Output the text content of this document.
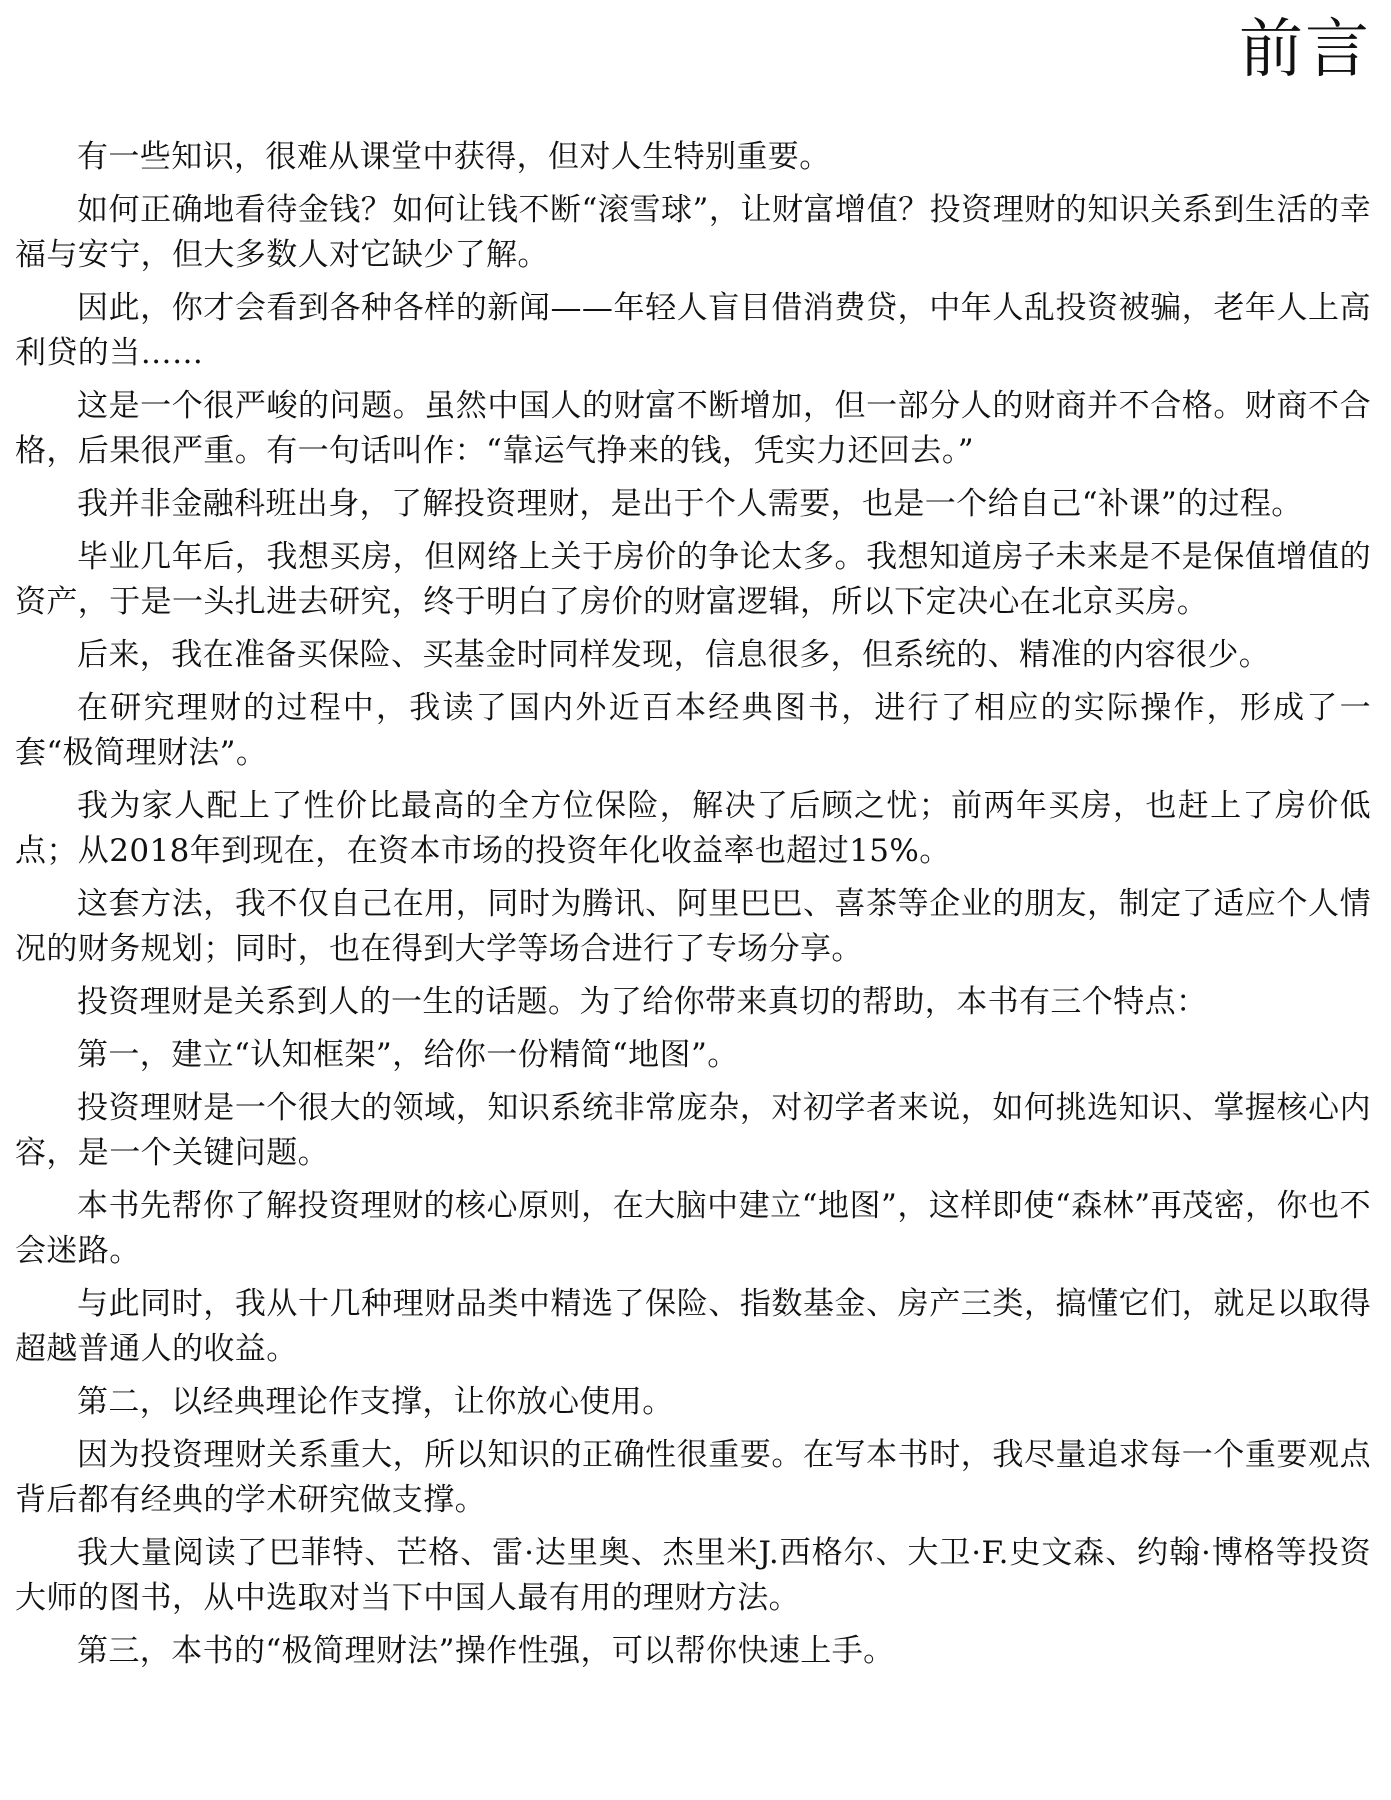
前言

有一些知识，很难从课堂中获得，但对人生特别重要。

如何正确地看待金钱？如何让钱不断“滚雪球”，让财富增值？投资理财的知识关系到生活的幸福与安宁，但大多数人对它缺少了解。

因此，你才会看到各种各样的新闻——年轻人盲目借消费贷，中年人乱投资被骗，老年人上高利贷的当……

这是一个很严峻的问题。虽然中国人的财富不断增加，但一部分人的财商并不合格。财商不合格，后果很严重。有一句话叫作：“靠运气挣来的钱，凭实力还回去。”

我并非金融科班出身，了解投资理财，是出于个人需要，也是一个给自己“补课”的过程。

毕业几年后，我想买房，但网络上关于房价的争论太多。我想知道房子未来是不是保值增值的资产，于是一头扎进去研究，终于明白了房价的财富逻辑，所以下定决心在北京买房。

后来，我在准备买保险、买基金时同样发现，信息很多，但系统的、精准的内容很少。

在研究理财的过程中，我读了国内外近百本经典图书，进行了相应的实际操作，形成了一套“极简理财法”。

我为家人配上了性价比最高的全方位保险，解决了后顾之忧；前两年买房，也赶上了房价低点；从2018年到现在，在资本市场的投资年化收益率也超过15%。

这套方法，我不仅自己在用，同时为腾讯、阿里巴巴、喜茶等企业的朋友，制定了适应个人情况的财务规划；同时，也在得到大学等场合进行了专场分享。

投资理财是关系到人的一生的话题。为了给你带来真切的帮助，本书有三个特点：

第一，建立“认知框架”，给你一份精简“地图”。

投资理财是一个很大的领域，知识系统非常庞杂，对初学者来说，如何挑选知识、掌握核心内容，是一个关键问题。

本书先帮你了解投资理财的核心原则，在大脑中建立“地图”，这样即使“森林”再茂密，你也不会迷路。

与此同时，我从十几种理财品类中精选了保险、指数基金、房产三类，搞懂它们，就足以取得超越普通人的收益。

第二，以经典理论作支撑，让你放心使用。

因为投资理财关系重大，所以知识的正确性很重要。在写本书时，我尽量追求每一个重要观点背后都有经典的学术研究做支撑。

我大量阅读了巴菲特、芒格、雷·达里奥、杰里米J.西格尔、大卫·F.史文森、约翰·博格等投资大师的图书，从中选取对当下中国人最有用的理财方法。

第三，本书的“极简理财法”操作性强，可以帮你快速上手。
